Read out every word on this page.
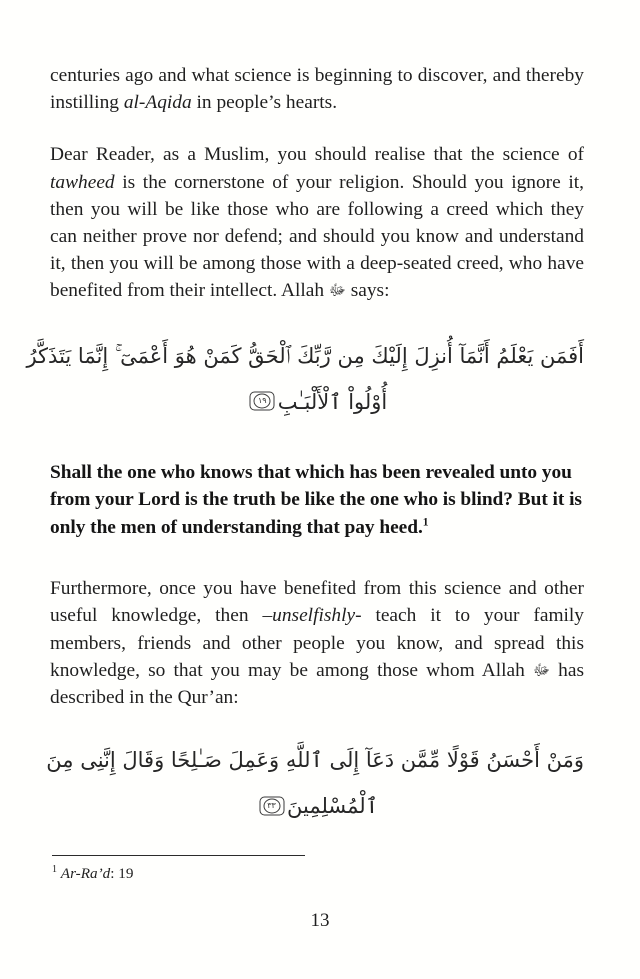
centuries ago and what science is beginning to discover, and thereby instilling al-Aqida in people’s hearts.

Dear Reader, as a Muslim, you should realise that the science of tawheed is the cornerstone of your religion. Should you ignore it, then you will be like those who are following a creed which they can neither prove nor defend; and should you know and understand it, then you will be among those with a deep-seated creed, who have benefited from their intellect. Allah ﷻ says:

أَفَمَن يَعْلَمُ أَنَّمَآ أُنزِلَ إِلَيْكَ مِن رَّبِّكَ ٱلْحَقُّ كَمَنْ هُوَ أَعْمَىٓ ۚ إِنَّمَا يَتَذَكَّرُ
أُوْلُواْ ٱلْأَلْبَـٰبِ
١٩

Shall the one who knows that which has been revealed unto you from your Lord is the truth be like the one who is blind? But it is only the men of understanding that pay heed.$^1$

Furthermore, once you have benefited from this science and other useful knowledge, then –unselfishly- teach it to your family members, friends and other people you know, and spread this knowledge, so that you may be among those whom Allah ﷻ has described in the Qur’an:

وَمَنْ أَحْسَنُ قَوْلًا مِّمَّن دَعَآ إِلَى ٱللَّهِ وَعَمِلَ صَـٰلِحًا وَقَالَ إِنَّنِى مِنَ
ٱلْمُسْلِمِينَ
٣٣
$^1$ Ar-Ra’d: 19
13
